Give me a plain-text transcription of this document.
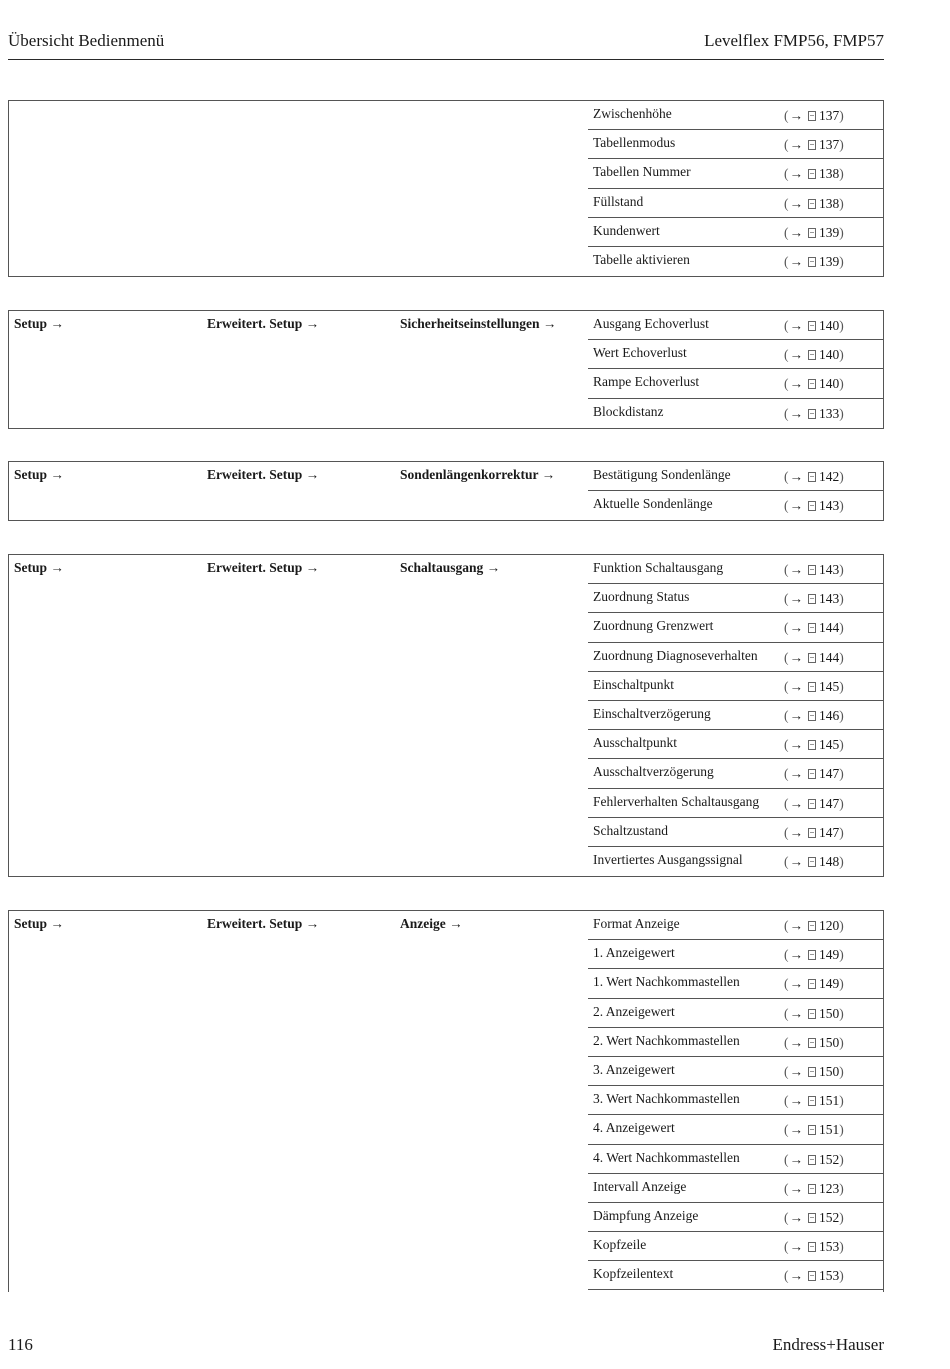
Übersicht Bedienmenü	Levelflex FMP56, FMP57
Zwischenhöhe	(→ 137)
Tabellenmodus	(→ 137)
Tabellen Nummer	(→ 138)
Füllstand	(→ 138)
Kundenwert	(→ 139)
Tabelle aktivieren	(→ 139)
Setup →	Erweitert. Setup →	Sicherheitseinstellungen →	Ausgang Echoverlust	(→ 140)
Wert Echoverlust	(→ 140)
Rampe Echoverlust	(→ 140)
Blockdistanz	(→ 133)
Setup →	Erweitert. Setup →	Sondenlängenkorrektur →	Bestätigung Sondenlänge	(→ 142)
Aktuelle Sondenlänge	(→ 143)
Setup →	Erweitert. Setup →	Schaltausgang →	Funktion Schaltausgang	(→ 143)
Zuordnung Status	(→ 143)
Zuordnung Grenzwert	(→ 144)
Zuordnung Diagnoseverhalten (→ 144)
Einschaltpunkt	(→ 145)
Einschaltverzögerung	(→ 146)
Ausschaltpunkt	(→ 145)
Ausschaltverzögerung	(→ 147)
Fehlerverhalten Schaltausgang (→ 147)
Schaltzustand	(→ 147)
Invertiertes Ausgangssignal	(→ 148)
Setup →	Erweitert. Setup →	Anzeige →	Format Anzeige	(→ 120)
1. Anzeigewert	(→ 149)
1. Wert Nachkommastellen	(→ 149)
2. Anzeigewert	(→ 150)
2. Wert Nachkommastellen	(→ 150)
3. Anzeigewert	(→ 150)
3. Wert Nachkommastellen	(→ 151)
4. Anzeigewert	(→ 151)
4. Wert Nachkommastellen	(→ 152)
Intervall Anzeige	(→ 123)
Dämpfung Anzeige	(→ 152)
Kopfzeile	(→ 153)
Kopfzeilentext	(→ 153)
116	Endress+Hauser
